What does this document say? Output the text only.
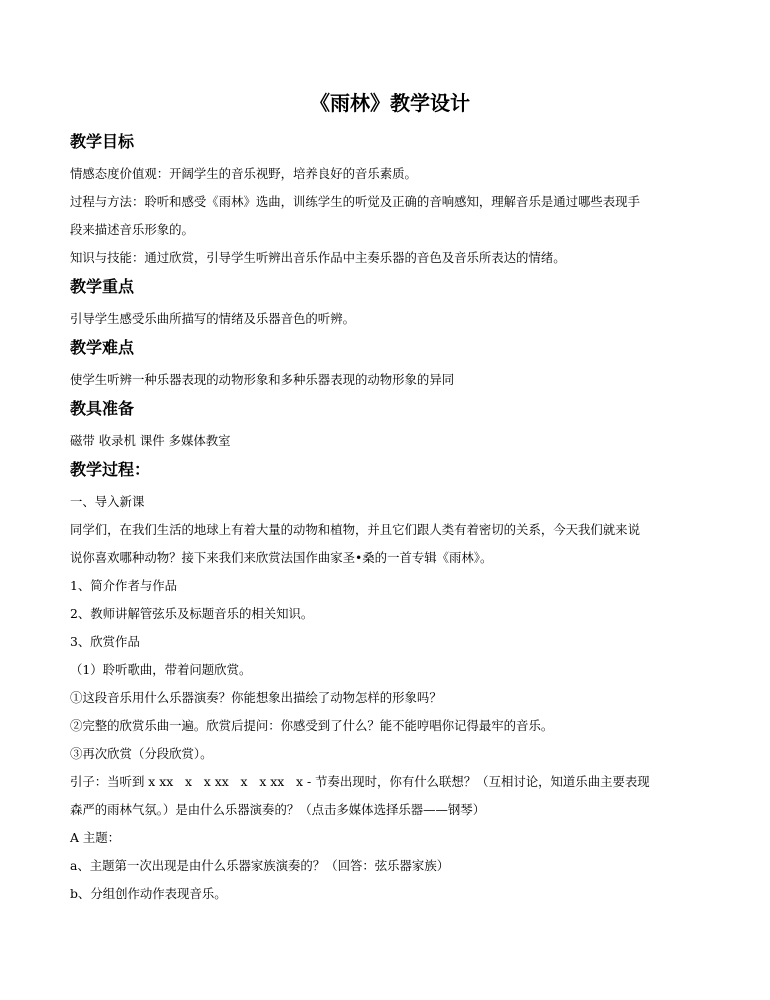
《雨林》教学设计
教学目标
情感态度价值观：开阔学生的音乐视野，培养良好的音乐素质。
过程与方法：聆听和感受《雨林》选曲，训练学生的听觉及正确的音响感知，理解音乐是通过哪些表现手
段来描述音乐形象的。
知识与技能：通过欣赏，引导学生听辨出音乐作品中主奏乐器的音色及音乐所表达的情绪。
教学重点
引导学生感受乐曲所描写的情绪及乐器音色的听辨。
教学难点
使学生听辨一种乐器表现的动物形象和多种乐器表现的动物形象的异同
教具准备
磁带 收录机 课件 多媒体教室
教学过程：
一、导入新课
同学们，在我们生活的地球上有着大量的动物和植物，并且它们跟人类有着密切的关系，今天我们就来说
说你喜欢哪种动物？接下来我们来欣赏法国作曲家圣•桑的一首专辑《雨林》。
1、简介作者与作品
2、教师讲解管弦乐及标题音乐的相关知识。
3、欣赏作品
（1）聆听歌曲，带着问题欣赏。
①这段音乐用什么乐器演奏？你能想象出描绘了动物怎样的形象吗？
②完整的欣赏乐曲一遍。欣赏后提问：你感受到了什么？能不能哼唱你记得最牢的音乐。
③再次欣赏（分段欣赏）。
引子：当听到 x xx   x   x xx   x   x xx   x - 节奏出现时，你有什么联想？（互相讨论，知道乐曲主要表现
森严的雨林气氛。）是由什么乐器演奏的？（点击多媒体选择乐器——钢琴）
A 主题：
a、主题第一次出现是由什么乐器家族演奏的？（回答：弦乐器家族）
b、分组创作动作表现音乐。
